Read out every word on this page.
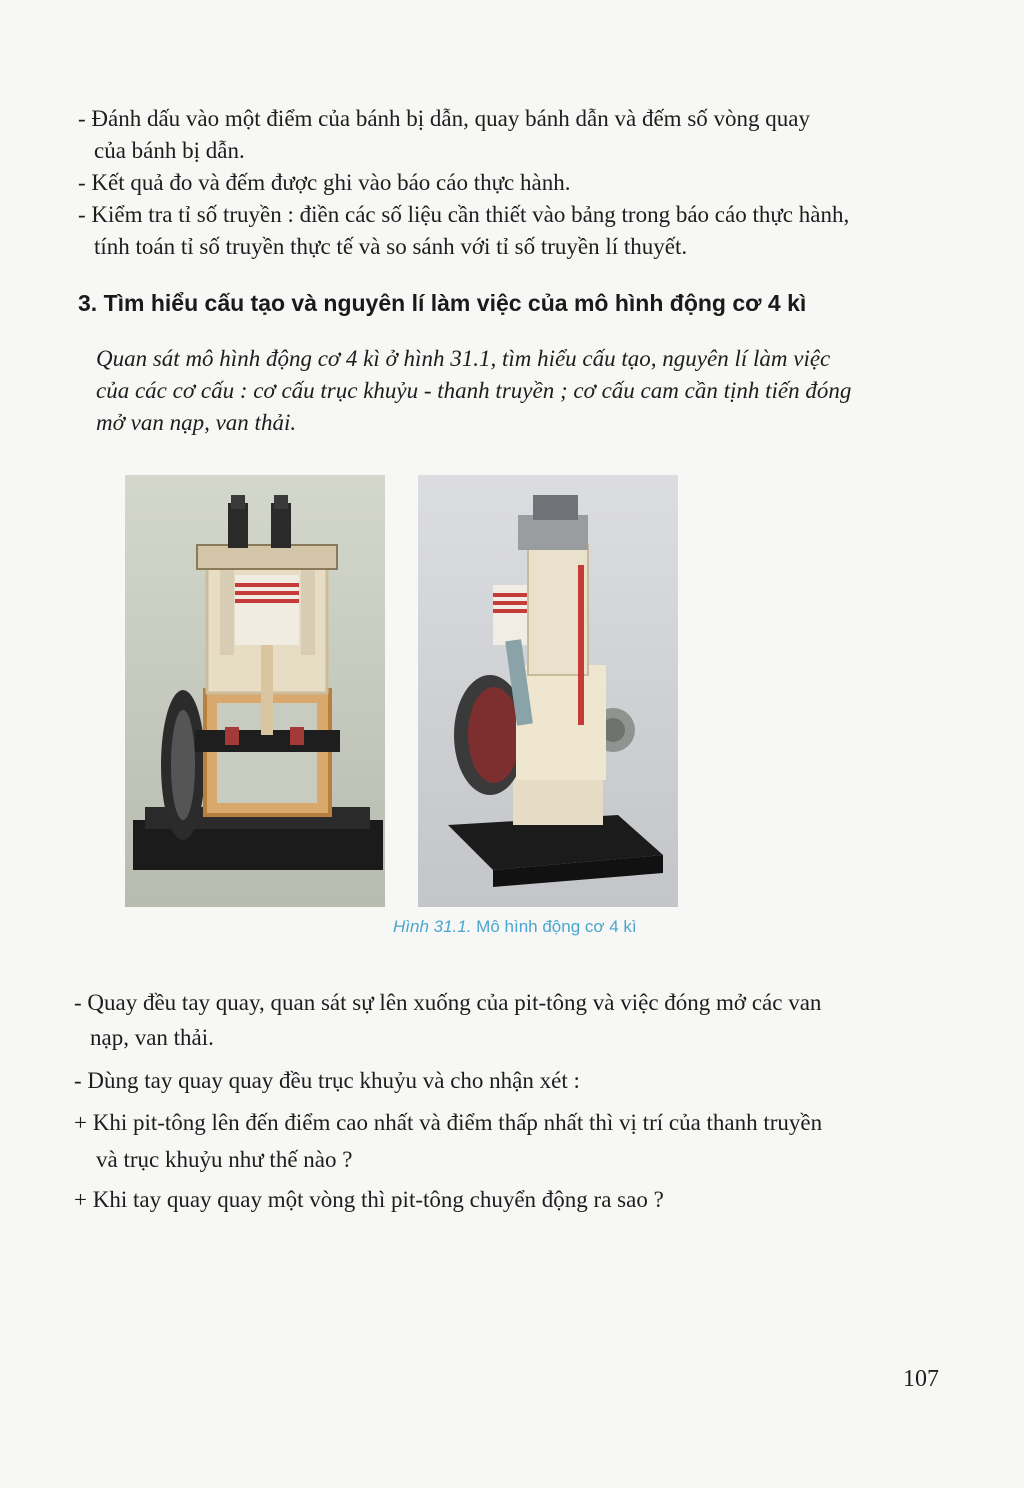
- Đánh dấu vào một điểm của bánh bị dẫn, quay bánh dẫn và đếm số vòng quay
của bánh bị dẫn.
- Kết quả đo và đếm được ghi vào báo cáo thực hành.
- Kiểm tra tỉ số truyền : điền các số liệu cần thiết vào bảng trong báo cáo thực hành,
tính toán tỉ số truyền thực tế và so sánh với tỉ số truyền lí thuyết.
3. Tìm hiểu cấu tạo và nguyên lí làm việc của mô hình động cơ 4 kì
Quan sát mô hình động cơ 4 kì ở hình 31.1, tìm hiểu cấu tạo, nguyên lí làm việc
của các cơ cấu : cơ cấu trục khuỷu - thanh truyền ; cơ cấu cam cần tịnh tiến đóng
mở van nạp, van thải.
Hình 31.1. Mô hình động cơ 4 kì
- Quay đều tay quay, quan sát sự lên xuống của pit-tông và việc đóng mở các van
nạp, van thải.
- Dùng tay quay quay đều trục khuỷu và cho nhận xét :
+ Khi pit-tông lên đến điểm cao nhất và điểm thấp nhất thì vị trí của thanh truyền
và trục khuỷu như thế nào ?
+ Khi tay quay quay một vòng thì pit-tông chuyển động ra sao ?
107
